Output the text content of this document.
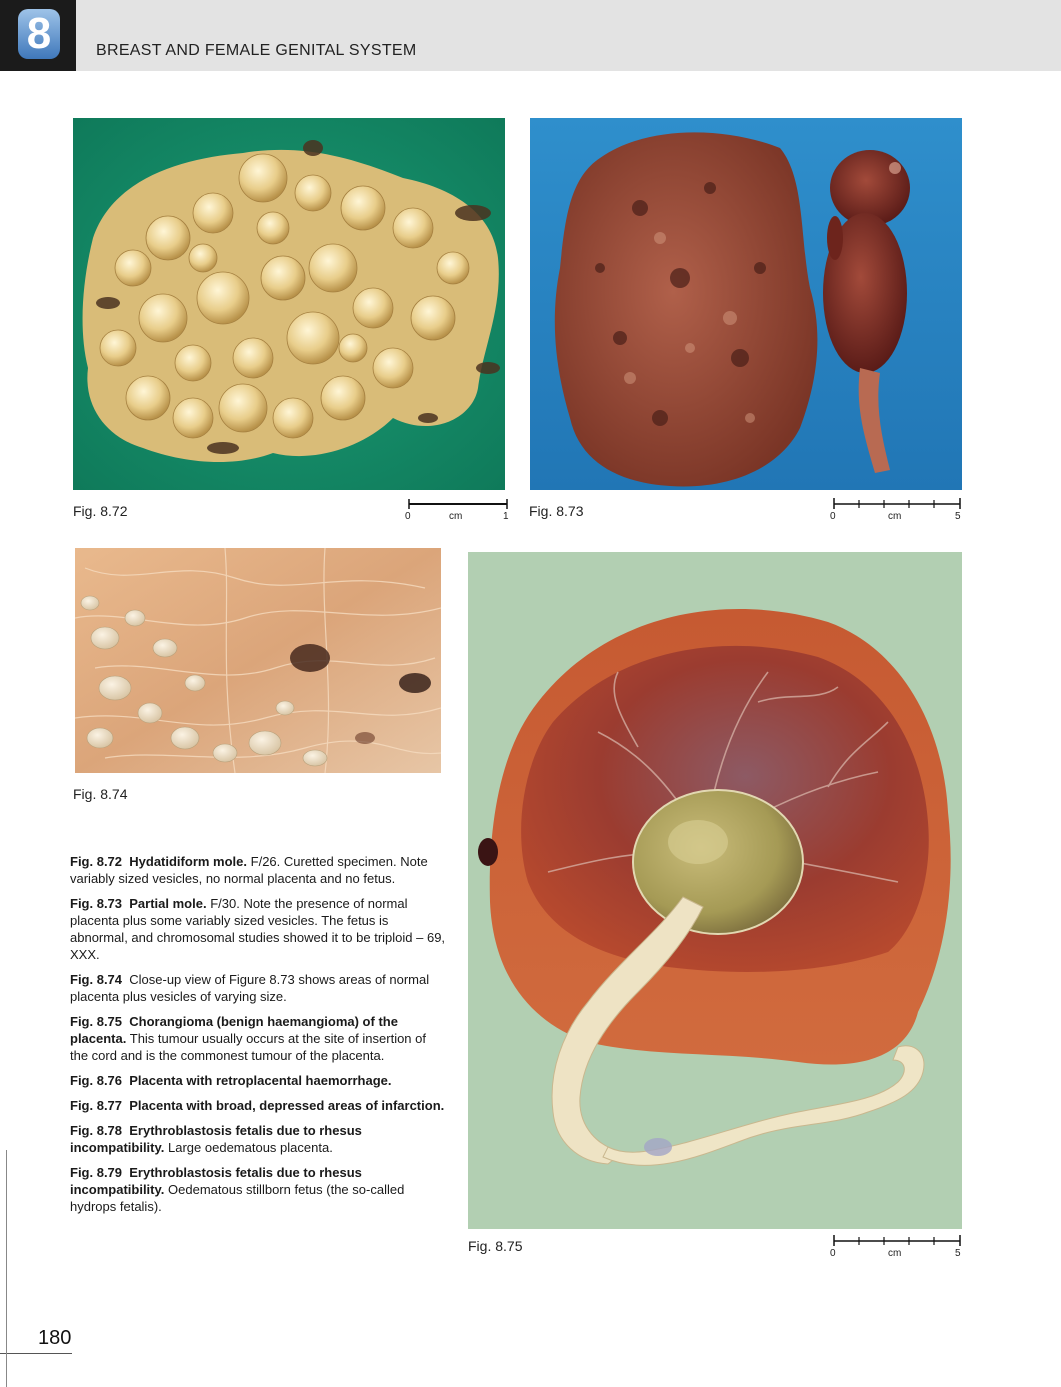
8	BREAST AND FEMALE GENITAL SYSTEM
Fig. 8.72	0	cm	1 Fig. 8.73	0	cm	5
Fig. 8.74
Fig. 8.75	0	cm	5

Fig. 8.72 Hydatidiform mole. F/26. Curetted specimen. Note variably sized vesicles, no normal placenta and no fetus.

Fig. 8.73 Partial mole. F/30. Note the presence of normal placenta plus some variably sized vesicles. The fetus is abnormal, and chromosomal studies showed it to be triploid – 69, XXX.

Fig. 8.74 Close-up view of Figure 8.73 shows areas of normal placenta plus vesicles of varying size.

Fig. 8.75 Chorangioma (benign haemangioma) of the placenta. This tumour usually occurs at the site of insertion of the cord and is the commonest tumour of the placenta.

Fig. 8.76 Placenta with retroplacental haemorrhage.

Fig. 8.77 Placenta with broad, depressed areas of infarction.

Fig. 8.78 Erythroblastosis fetalis due to rhesus incompatibility. Large oedematous placenta.

Fig. 8.79 Erythroblastosis fetalis due to rhesus incompatibility. Oedematous stillborn fetus (the so-called hydrops fetalis).

180
